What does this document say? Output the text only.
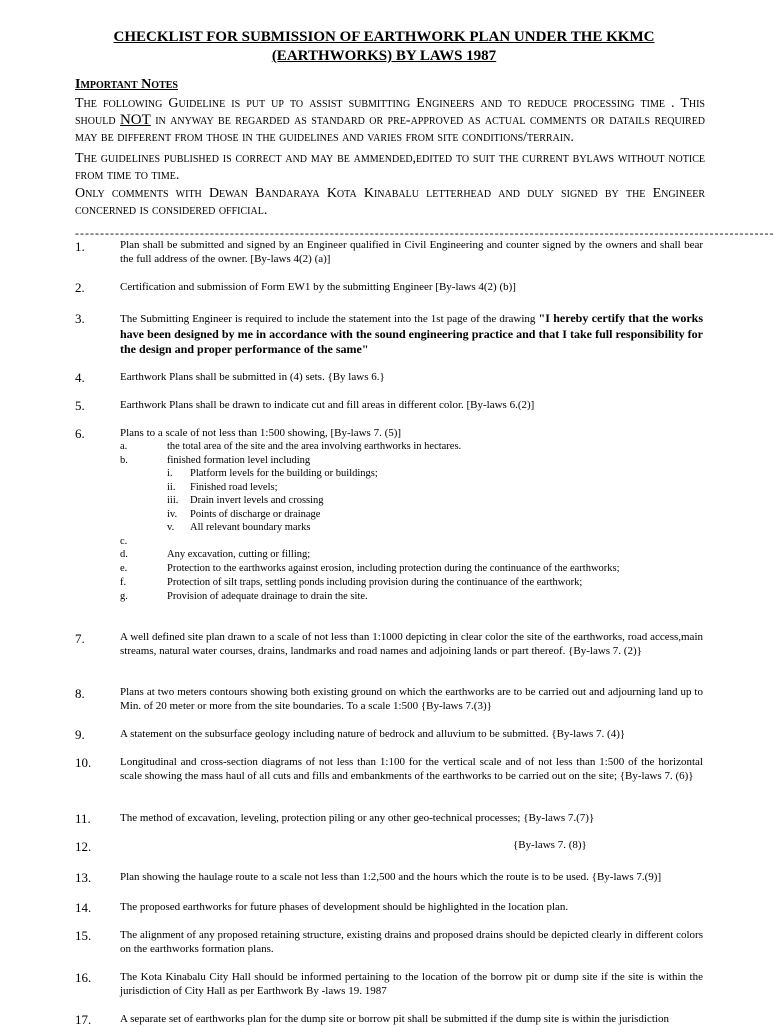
CHECKLIST FOR SUBMISSION OF EARTHWORK PLAN UNDER THE KKMC
(EARTHWORKS) BY LAWS 1987
Important Notes
The following Guideline is put up to assist submitting Engineers and to reduce processing time . This should NOT in anyway be regarded as standard or pre-approved as actual comments or datails required may be different from those in the guidelines and varies from site conditions/terrain.
The guidelines published is correct and may be ammended,edited to suit the current bylaws without notice from time to time.
Only comments with Dewan Bandaraya Kota Kinabalu letterhead and duly signed by the Engineer concerned is considered official.
--------------------------------------------------------------------------------------------------------------------------------------------
1.	Plan shall be submitted and signed by an Engineer qualified in Civil Engineering and counter signed by the owners and shall bear the full address of the owner. [By-laws 4(2) (a)]
2.	Certification and submission of Form EW1 by the submitting Engineer [By-laws 4(2) (b)]
3.	The Submitting Engineer is required to include the statement into the 1st page of the drawing "I hereby certify that the works have been designed by me in accordance with the sound engineering practice and that I take full responsibility for the design and proper performance of the same"
4.	Earthwork Plans shall be submitted in (4) sets. {By laws 6.}
5.	Earthwork Plans shall be drawn to indicate cut and fill areas in different color. [By-laws 6.(2)]
6.	Plans to a scale of not less than 1:500 showing, [By-laws 7. (5)]
a.	the total area of the site and the area involving earthworks in hectares.
b.	finished formation level including
i.	Platform levels for the building or buildings;
ii.	Finished road levels;
iii.	Drain invert levels and crossing
iv.	Points of discharge or drainage
v.	All relevant boundary marks
c.
d.	Any excavation, cutting or filling;
e.	Protection to the earthworks against erosion, including protection during the continuance of the earthworks;
f.	Protection of silt traps, settling ponds including provision during the continuance of the earthwork;
g.	Provision of adequate drainage to drain the site.
7.	A well defined site plan drawn to a scale of not less than 1:1000 depicting in clear color the site of the earthworks, road access,main streams, natural water courses, drains, landmarks and road names and adjoining lands or part thereof. {By-laws 7. (2)}
8.	Plans at two meters contours showing both existing ground on which the earthworks are to be carried out and adjourning land up to Min. of 20 meter or more from the site boundaries. To a scale 1:500 {By-laws 7.(3)}
9.	A statement on the subsurface geology including nature of bedrock and alluvium to be submitted. {By-laws 7. (4)}
10.	Longitudinal and cross-section diagrams of not less than 1:100 for the vertical scale and of not less than 1:500 of the horizontal scale showing the mass haul of all cuts and fills and embankments of the earthworks to be carried out on the site; {By-laws 7. (6)}
11.	The method of excavation, leveling, protection piling or any other geo-technical processes; {By-laws 7.(7)}
12.	{By-laws 7. (8)}
13.	Plan showing the haulage route to a scale not less than 1:2,500 and the hours which the route is to be used. {By-laws 7.(9)]
14.	The proposed earthworks for future phases of development should be highlighted in the location plan.
15.	The alignment of any proposed retaining structure, existing drains and proposed drains should be depicted clearly in different colors on the earthworks formation plans.
16.	The Kota Kinabalu City Hall should be informed pertaining to the location of the borrow pit or dump site if the site is within the jurisdiction of City Hall as per Earthwork By -laws 19. 1987
17.	A separate set of earthworks plan for the dump site or borrow pit shall be submitted if the dump site is within the jurisdiction
